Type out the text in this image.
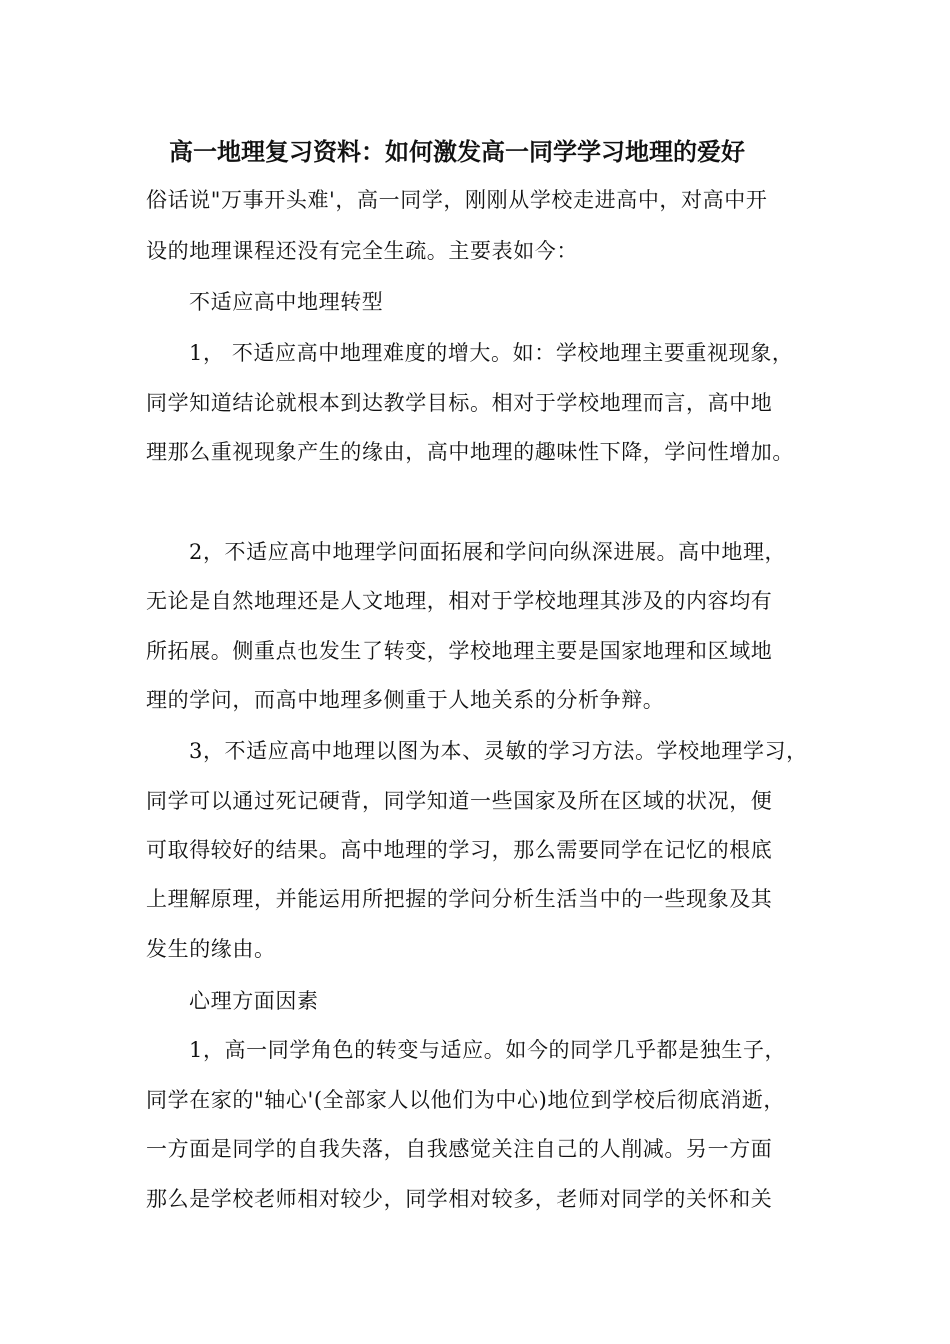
高一地理复习资料：如何激发高一同学学习地理的爱好
俗话说"万事开头难'，高一同学，刚刚从学校走进高中，对高中开
设的地理课程还没有完全生疏。主要表如今：
不适应高中地理转型
1， 不适应高中地理难度的增大。如：学校地理主要重视现象，
同学知道结论就根本到达教学目标。相对于学校地理而言，高中地
理那么重视现象产生的缘由，高中地理的趣味性下降，学问性增加。
2，不适应高中地理学问面拓展和学问向纵深进展。高中地理，
无论是自然地理还是人文地理，相对于学校地理其涉及的内容均有
所拓展。侧重点也发生了转变，学校地理主要是国家地理和区域地
理的学问，而高中地理多侧重于人地关系的分析争辩。
3，不适应高中地理以图为本、灵敏的学习方法。学校地理学习，
同学可以通过死记硬背，同学知道一些国家及所在区域的状况，便
可取得较好的结果。高中地理的学习，那么需要同学在记忆的根底
上理解原理，并能运用所把握的学问分析生活当中的一些现象及其
发生的缘由。
心理方面因素
1，高一同学角色的转变与适应。如今的同学几乎都是独生子，
同学在家的"轴心'(全部家人以他们为中心)地位到学校后彻底消逝，
一方面是同学的自我失落，自我感觉关注自己的人削减。另一方面
那么是学校老师相对较少，同学相对较多，老师对同学的关怀和关
